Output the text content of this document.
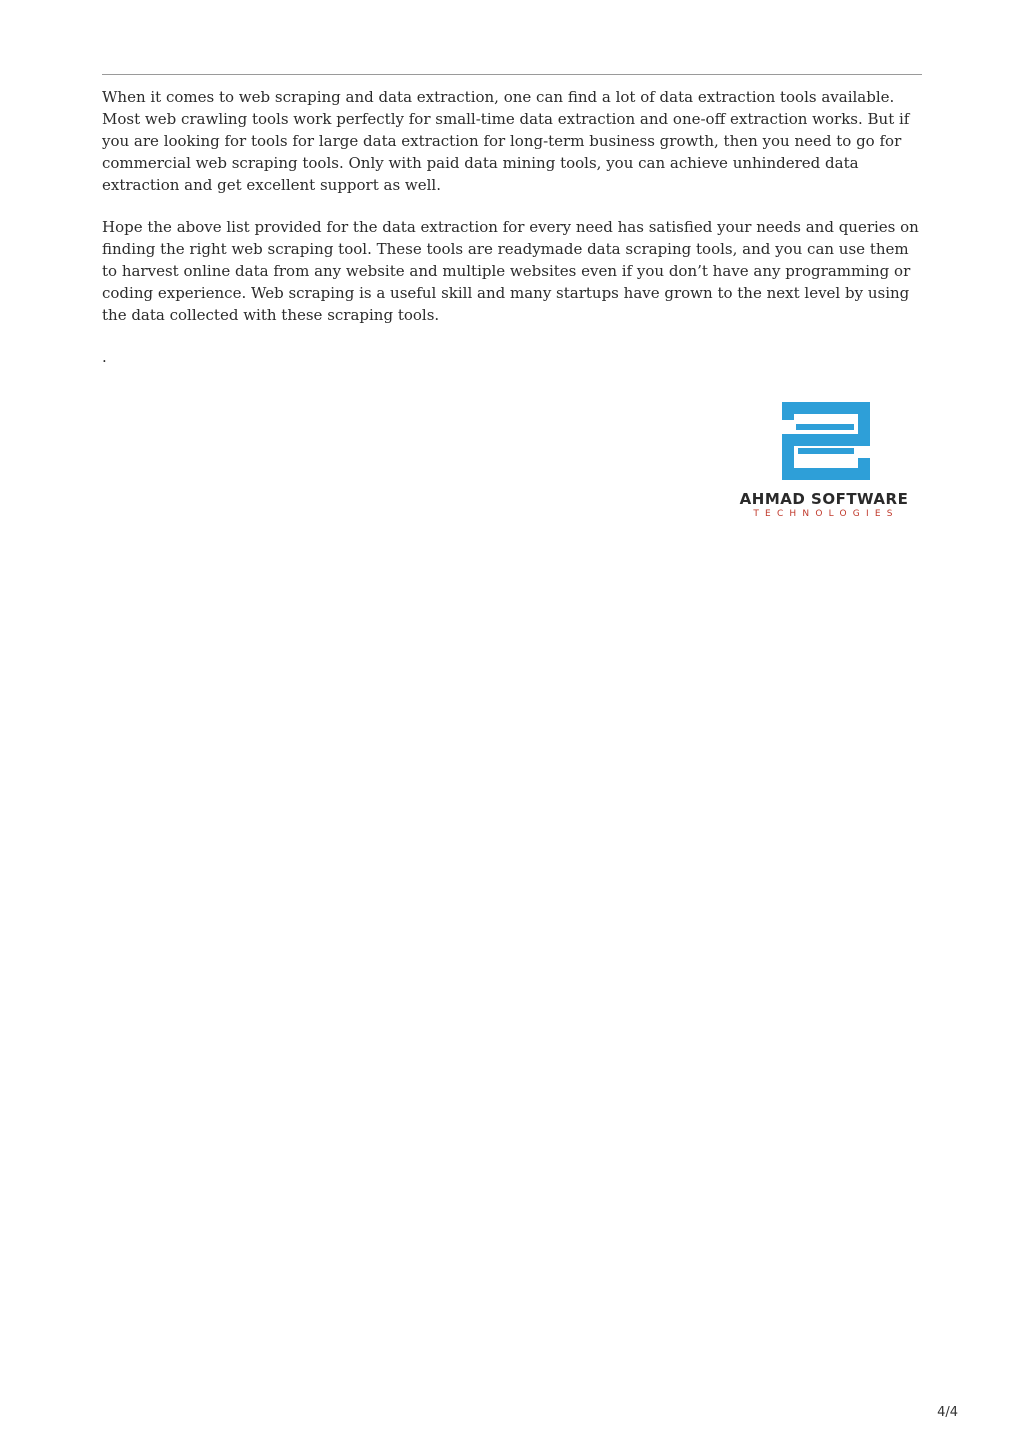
When it comes to web scraping and data extraction, one can find a lot of data extraction tools available. Most web crawling tools work perfectly for small-time data extraction and one-off extraction works. But if you are looking for tools for large data extraction for long-term business growth, then you need to go for commercial web scraping tools. Only with paid data mining tools, you can achieve unhindered data extraction and get excellent support as well.

Hope the above list provided for the data extraction for every need has satisfied your needs and queries on finding the right web scraping tool. These tools are readymade data scraping tools, and you can use them to harvest online data from any website and multiple websites even if you don’t have any programming or coding experience. Web scraping is a useful skill and many startups have grown to the next level by using the data collected with these scraping tools.

.

AHMAD SOFTWARE
TECHNOLOGIES
4/4
